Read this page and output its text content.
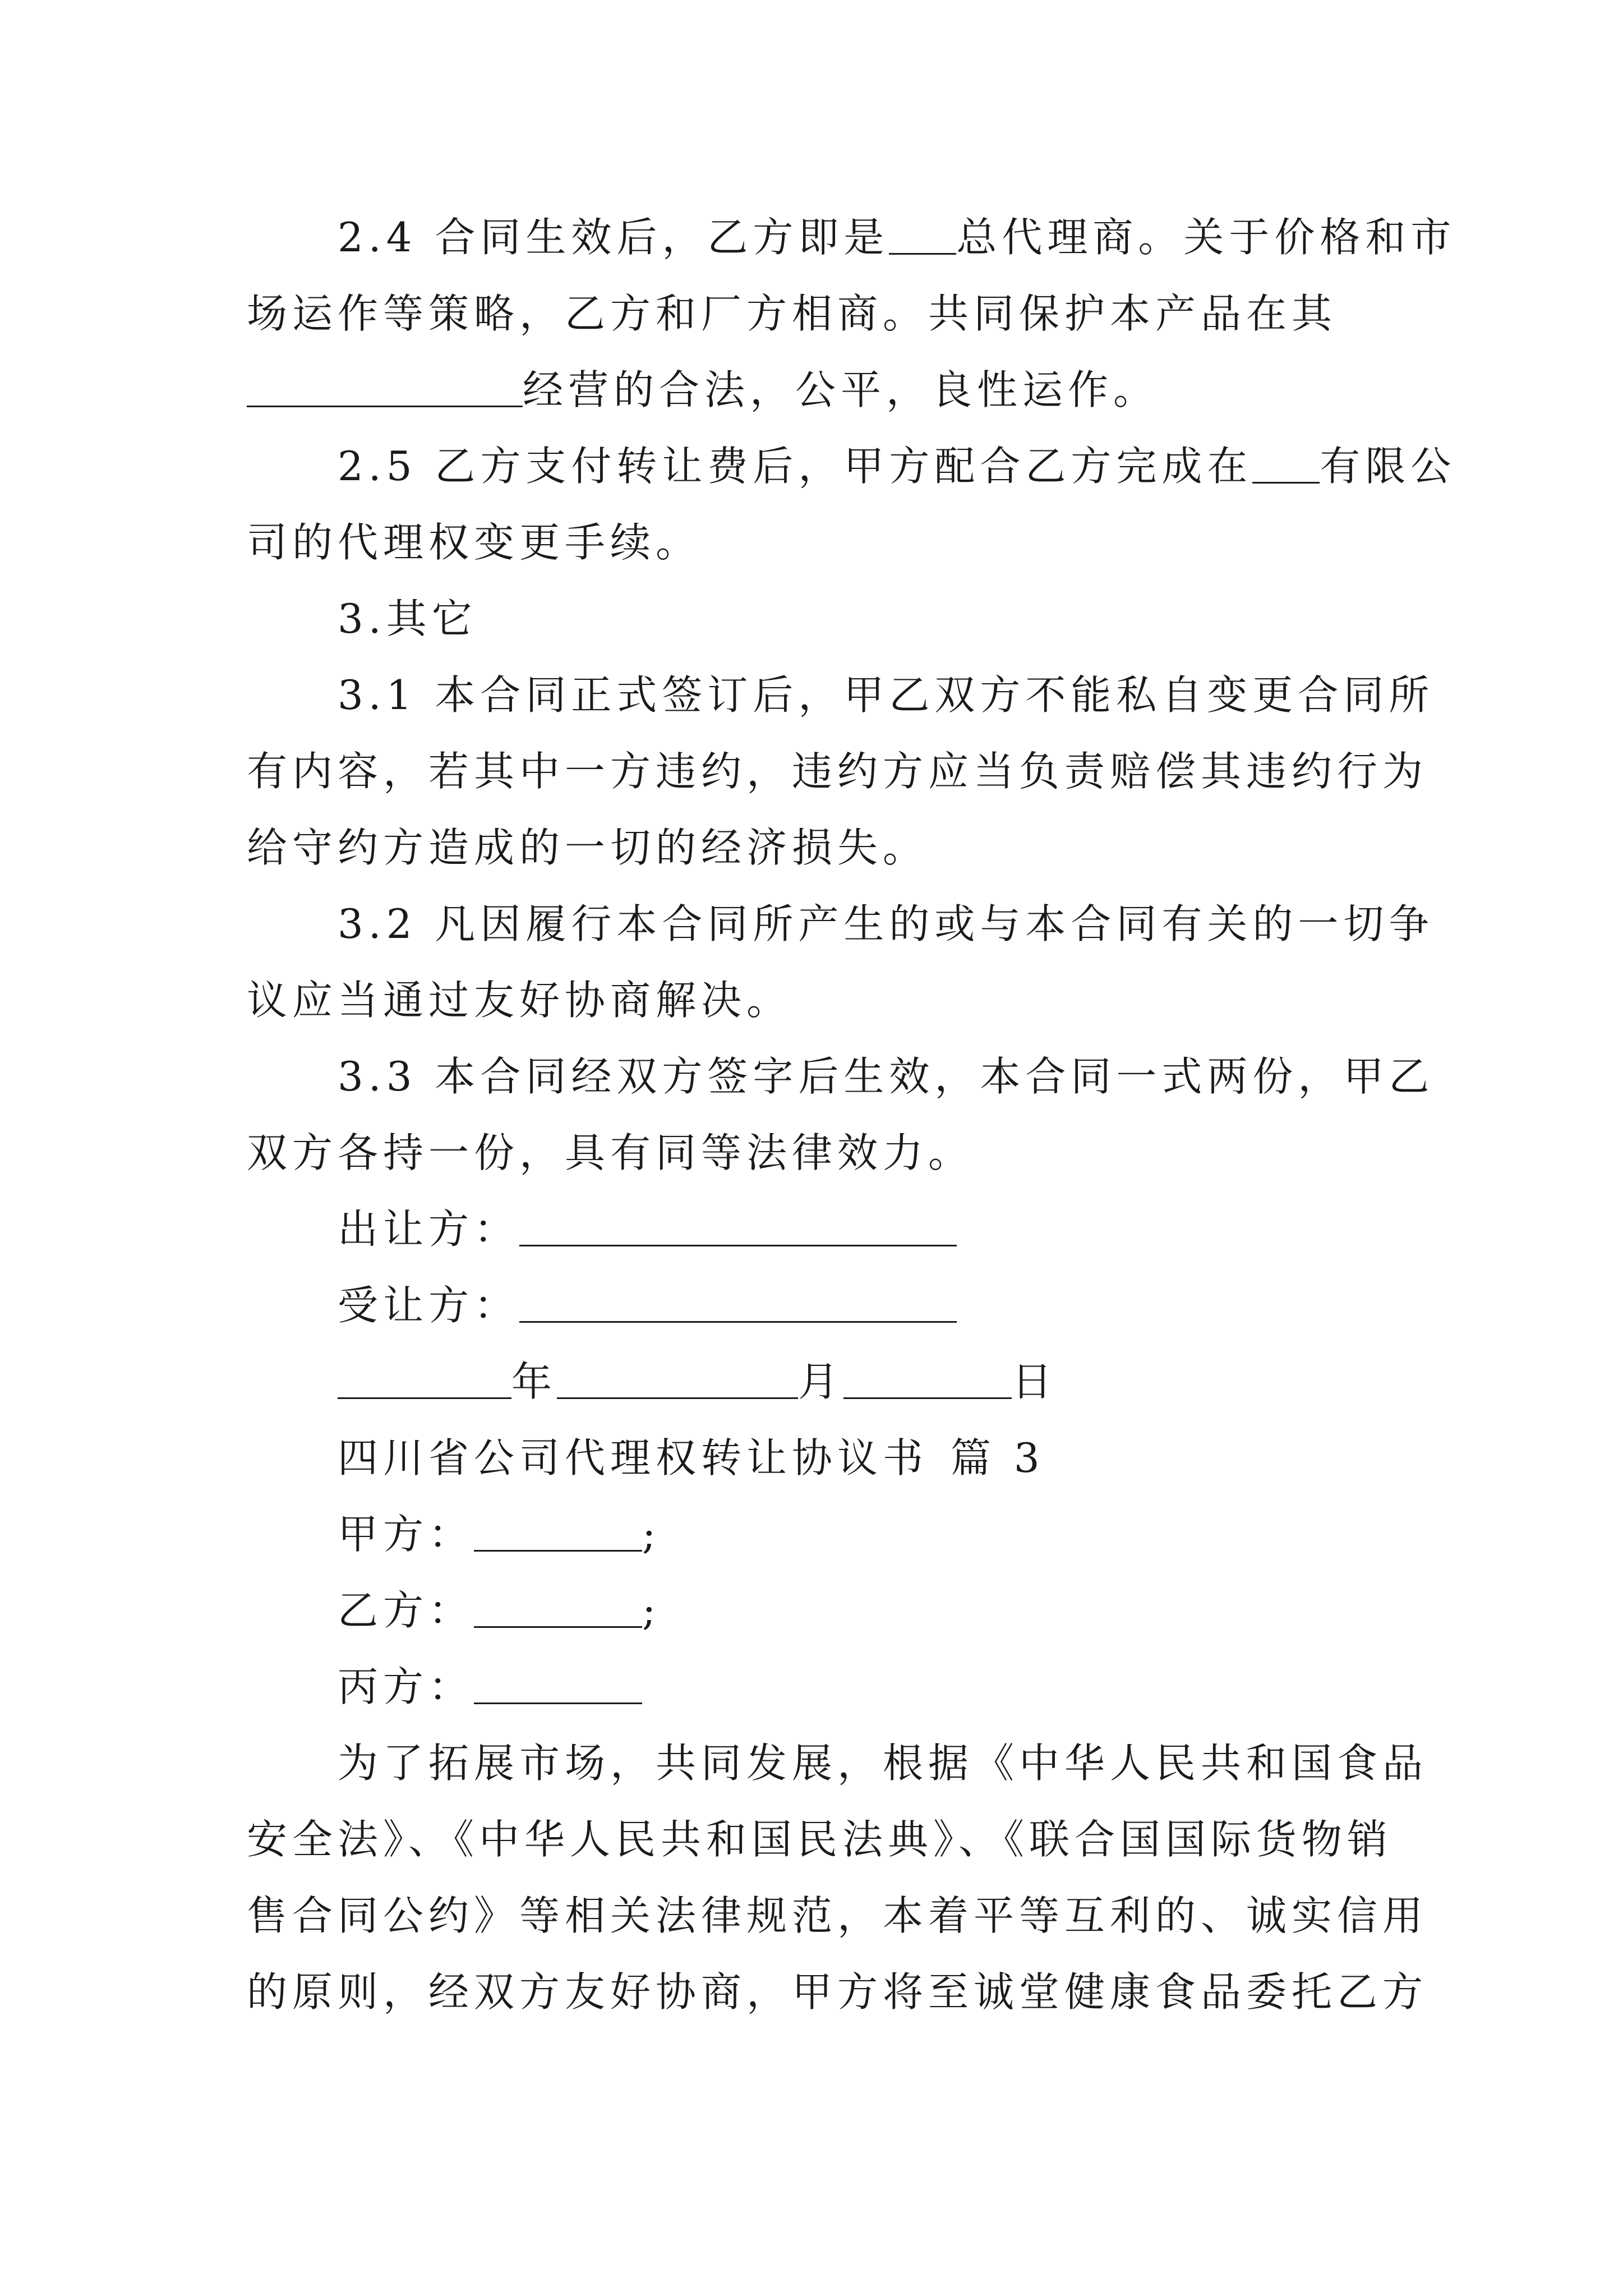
2.4 合同生效后，乙方即是 总代理商。关于价格和市
场运作等策略，乙方和厂方相商。共同保护本产品在其
经营的合法，公平，良性运作。
2.5 乙方支付转让费后，甲方配合乙方完成在 有限公
司的代理权变更手续。
3.其它
3.1 本合同正式签订后，甲乙双方不能私自变更合同所
有内容，若其中一方违约，违约方应当负责赔偿其违约行为
给守约方造成的一切的经济损失。
3.2 凡因履行本合同所产生的或与本合同有关的一切争
议应当通过友好协商解决。
3.3 本合同经双方签字后生效，本合同一式两份，甲乙
双方各持一份，具有同等法律效力。
出让方：
受让方：
年	月	日
四川省公司代理权转让协议书 篇 3
甲方：	;
乙方：	;
丙方：
为了拓展市场，共同发展，根据《中华人民共和国食品
安全法》、《中华人民共和国民法典》、《联合国国际货物销
售合同公约》等相关法律规范，本着平等互利的、诚实信用
的原则，经双方友好协商，甲方将至诚堂健康食品委托乙方
